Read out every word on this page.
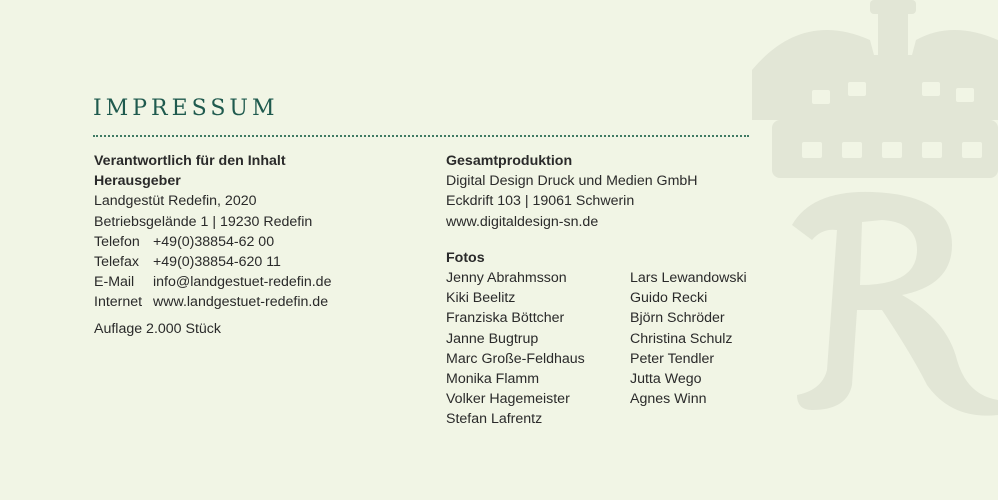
IMPRESSUM

Verantwortlich für den Inhalt

Herausgeber

Landgestüt Redefin, 2020

Betriebsgelände 1 | 19230 Redefin

Telefon +49(0)38854-62 00

Telefax +49(0)38854-620 11

E-Mail info@landgestuet-redefin.de

Internet www.landgestuet-redefin.de

Auflage 2.000 Stück

Gesamtproduktion

Digital Design Druck und Medien GmbH

Eckdrift 103 | 19061 Schwerin

www.digitaldesign-sn.de

Fotos

Jenny Abrahmsson

Kiki Beelitz

Franziska Böttcher

Janne Bugtrup

Marc Große-Feldhaus

Monika Flamm

Volker Hagemeister

Stefan Lafrentz

Lars Lewandowski

Guido Recki

Björn Schröder

Christina Schulz

Peter Tendler

Jutta Wego

Agnes Winn
